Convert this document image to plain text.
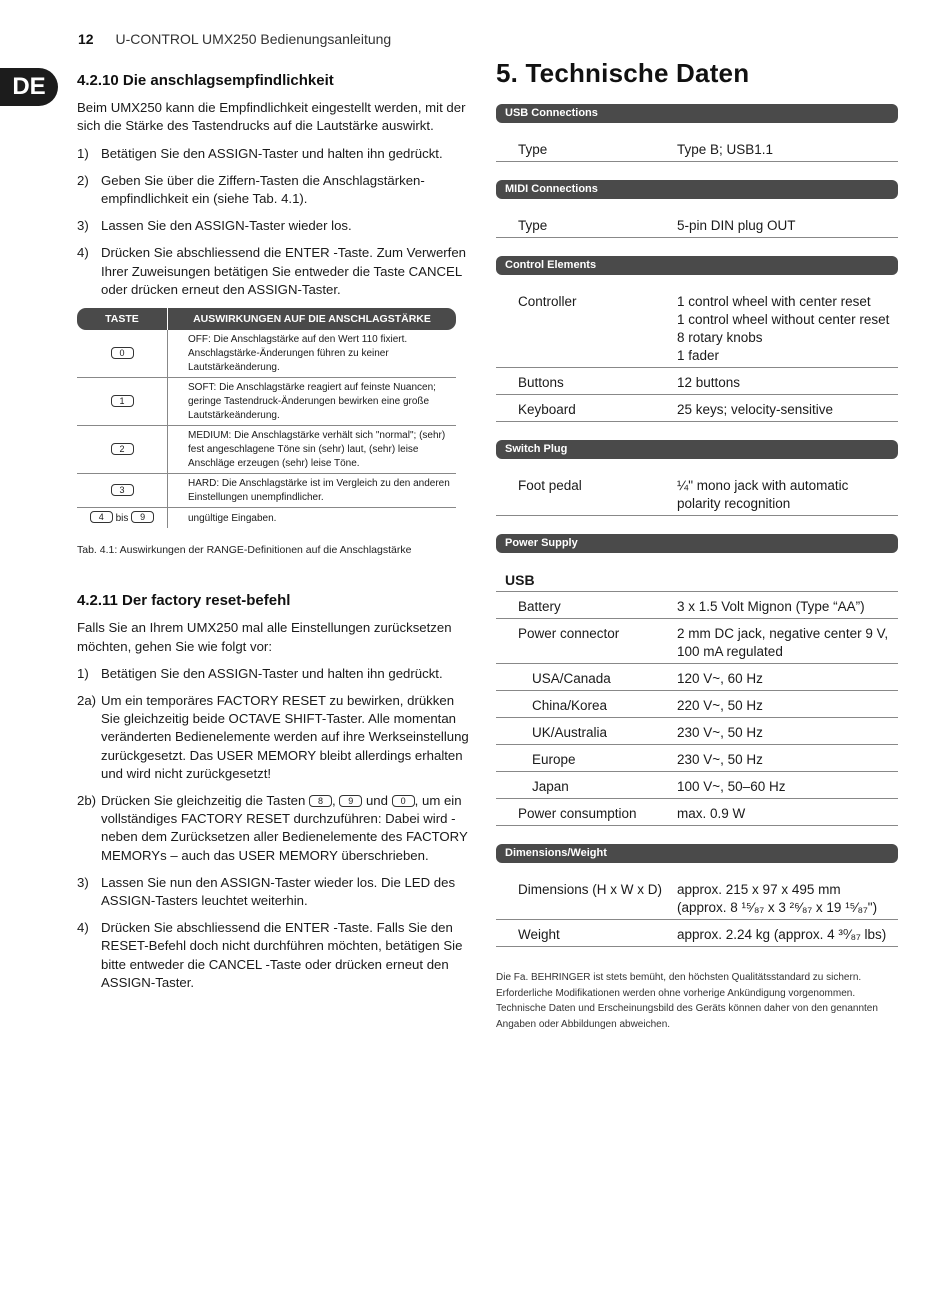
12 U-CONTROL UMX250 Bedienungsanleitung
DE	4.2.10 Die anschlagsempfindlichkeit

Beim UMX250 kann die Empfindlichkeit eingestellt werden, mit der sich die Stärke des Tastendrucks auf die Lautstärke auswirkt.

1) Betätigen Sie den ASSIGN-Taster und halten ihn gedrückt.
2) Geben Sie über die Ziffern-Tasten die Anschlagstärken-empfindlichkeit ein (siehe Tab. 4.1).
3) Lassen Sie den ASSIGN-Taster wieder los.
4) Drücken Sie abschliessend die ENTER -Taste. Zum Verwerfen Ihrer Zuweisungen betätigen Sie entweder die Taste CANCEL oder drücken erneut den ASSIGN-Taster.
TASTE	AUSWIRKUNGEN AUF DIE ANSCHLAGSTÄRKE
0	OFF: Die Anschlagstärke auf den Wert 110 fixiert. Anschlagstärke-Änderungen führen zu keiner Lautstärkeänderung.
1	SOFT: Die Anschlagstärke reagiert auf feinste Nuancen; geringe Tastendruck-Änderungen bewirken eine große Lautstärkeänderung.
2	MEDIUM: Die Anschlagstärke verhält sich "normal"; (sehr) fest angeschlagene Töne sin (sehr) laut, (sehr) leise Anschläge erzeugen (sehr) leise Töne.
3	HARD: Die Anschlagstärke ist im Vergleich zu den anderen Einstellungen unempfindlicher.
4 bis 9	ungültige Eingaben.
Tab. 4.1: Auswirkungen der RANGE-Definitionen auf die Anschlagstärke
4.2.11 Der factory reset-befehl

Falls Sie an Ihrem UMX250 mal alle Einstellungen zurücksetzen möchten, gehen Sie wie folgt vor:

1) Betätigen Sie den ASSIGN-Taster und halten ihn gedrückt.
2a) Um ein temporäres FACTORY RESET zu bewirken, drükken Sie gleichzeitig beide OCTAVE SHIFT-Taster. Alle momentan veränderten Bedienelemente werden auf ihre Werkseinstellung zurückgesetzt. Das USER MEMORY bleibt allerdings erhalten und wird nicht zurückgesetzt!
2b) Drücken Sie gleichzeitig die Tasten 8 , 9 und 0 , um ein vollständiges FACTORY RESET durchzuführen: Dabei wird - neben dem Zurücksetzen aller Bedienelemente des FACTORY MEMORYs – auch das USER MEMORY überschrieben.
3) Lassen Sie nun den ASSIGN-Taster wieder los. Die LED des ASSIGN-Tasters leuchtet weiterhin.
4) Drücken Sie abschliessend die ENTER -Taste. Falls Sie den RESET-Befehl doch nicht durchführen möchten, betätigen Sie bitte entweder die CANCEL -Taste oder drücken erneut den ASSIGN-Taster.
5. Technische Daten
USB Connections
Type	Type B; USB1.1
MIDI Connections
Type	5-pin DIN plug OUT
Control Elements
Controller	1 control wheel with center reset
1 control wheel without center reset
8 rotary knobs
1 fader
Buttons	12 buttons
Keyboard	25 keys; velocity-sensitive
Switch Plug
Foot pedal	¼" mono jack with automatic
polarity recognition
Power Supply
USB
Battery	3 x 1.5 Volt Mignon (Type “AA”)
Power connector	2 mm DC jack, negative center 9 V,
100 mA regulated
USA/Canada	120 V~, 60 Hz
China/Korea	220 V~, 50 Hz
UK/Australia	230 V~, 50 Hz
Europe	230 V~, 50 Hz
Japan	100 V~, 50–60 Hz
Power consumption	max. 0.9 W
Dimensions/Weight
Dimensions (H x W x D)	approx. 215 x 97 x 495 mm
(approx. 8 ¹⁵⁄₈₇ x 3 ²⁶⁄₈₇ x 19 ¹⁵⁄₈₇")
Weight	approx. 2.24 kg (approx. 4 ³⁰⁄₈₇ lbs)
Die Fa. BEHRINGER ist stets bemüht, den höchsten Qualitätsstandard zu sichern. Erforderliche Modifikationen werden ohne vorherige Ankündigung vorgenommen. Technische Daten und Erscheinungsbild des Geräts können daher von den genannten Angaben oder Abbildungen abweichen.
